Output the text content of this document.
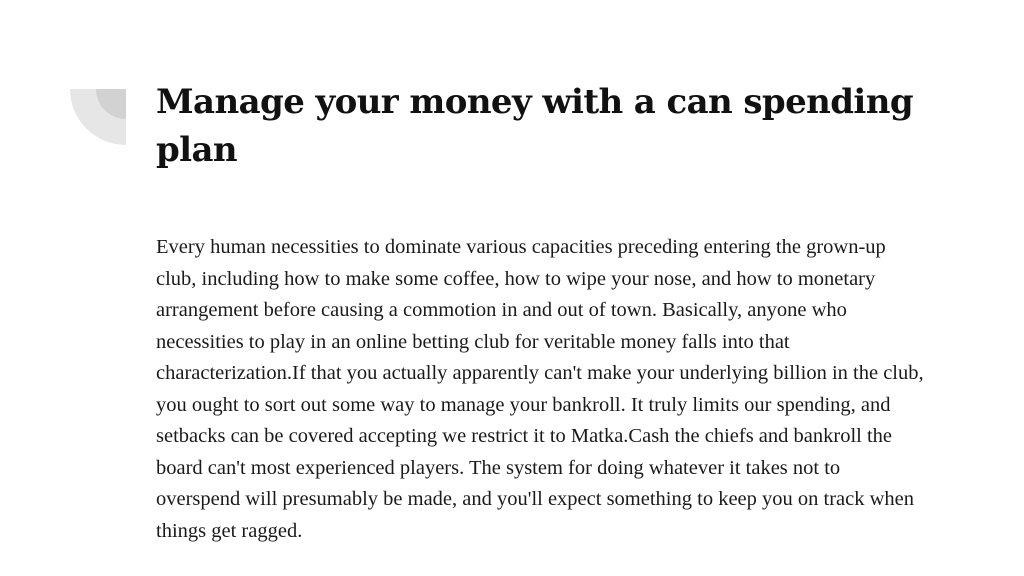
Manage your money with a can spending plan

Every human necessities to dominate various capacities preceding entering the grown-up club, including how to make some coffee, how to wipe your nose, and how to monetary arrangement before causing a commotion in and out of town. Basically, anyone who necessities to play in an online betting club for veritable money falls into that characterization.If that you actually apparently can't make your underlying billion in the club, you ought to sort out some way to manage your bankroll. It truly limits our spending, and setbacks can be covered accepting we restrict it to Matka.Cash the chiefs and bankroll the board can't most experienced players. The system for doing whatever it takes not to overspend will presumably be made, and you'll expect something to keep you on track when things get ragged.
